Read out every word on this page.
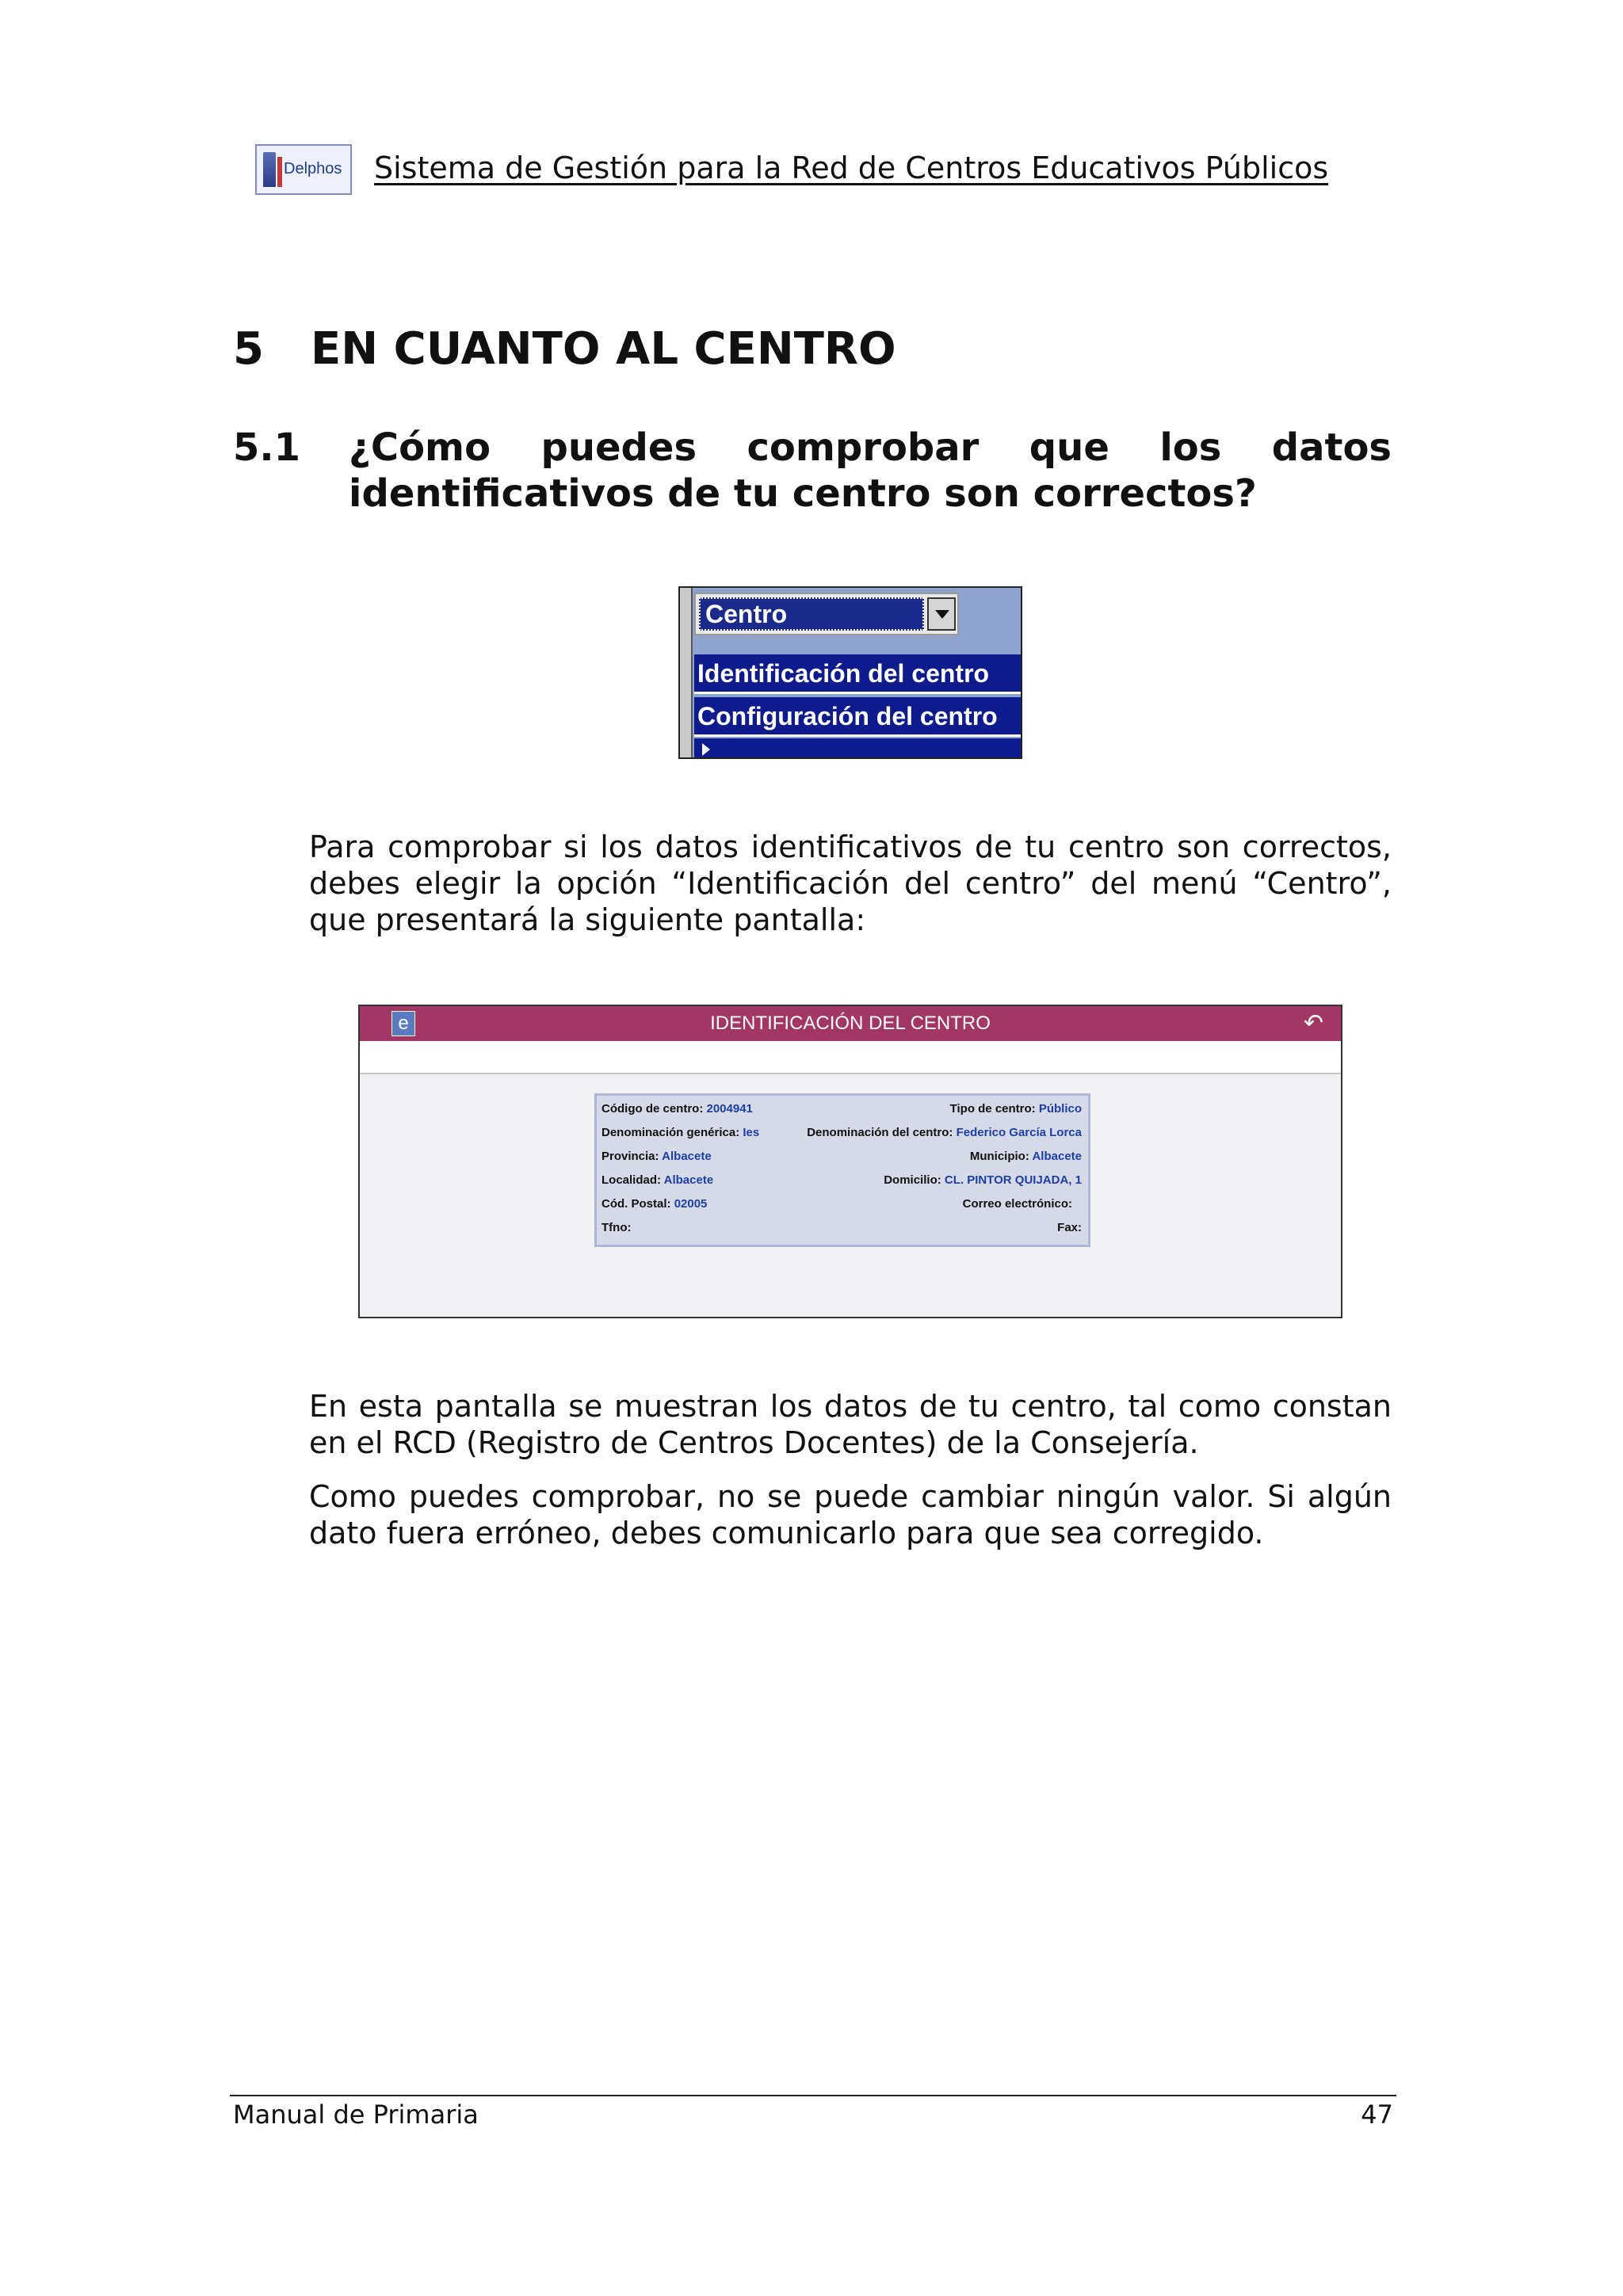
Delphos Sistema de Gestión para la Red de Centros Educativos Públicos
5 EN CUANTO AL CENTRO
5.1 ¿Cómo puedes comprobar que los datos
identificativos de tu centro son correctos?
Centro
Identificación del centro
Configuración del centro

Para comprobar si los datos identificativos de tu centro son correctos, debes elegir la opción “Identificación del centro” del menú “Centro”, que presentará la siguiente pantalla:

IDENTIFICACIÓN DEL CENTRO
e	↶
Código de centro: 2004941	Tipo de centro: Público
Denominación genérica: Ies	Denominación del centro: Federico García Lorca
Provincia: Albacete	Municipio: Albacete
Localidad: Albacete	Domicilio: CL. PINTOR QUIJADA, 1
Cód. Postal: 02005	Correo electrónico:
Tfno:	Fax:

En esta pantalla se muestran los datos de tu centro, tal como constan en el RCD (Registro de Centros Docentes) de la Consejería.

Como puedes comprobar, no se puede cambiar ningún valor. Si algún dato fuera erróneo, debes comunicarlo para que sea corregido.

Manual de Primaria	47
